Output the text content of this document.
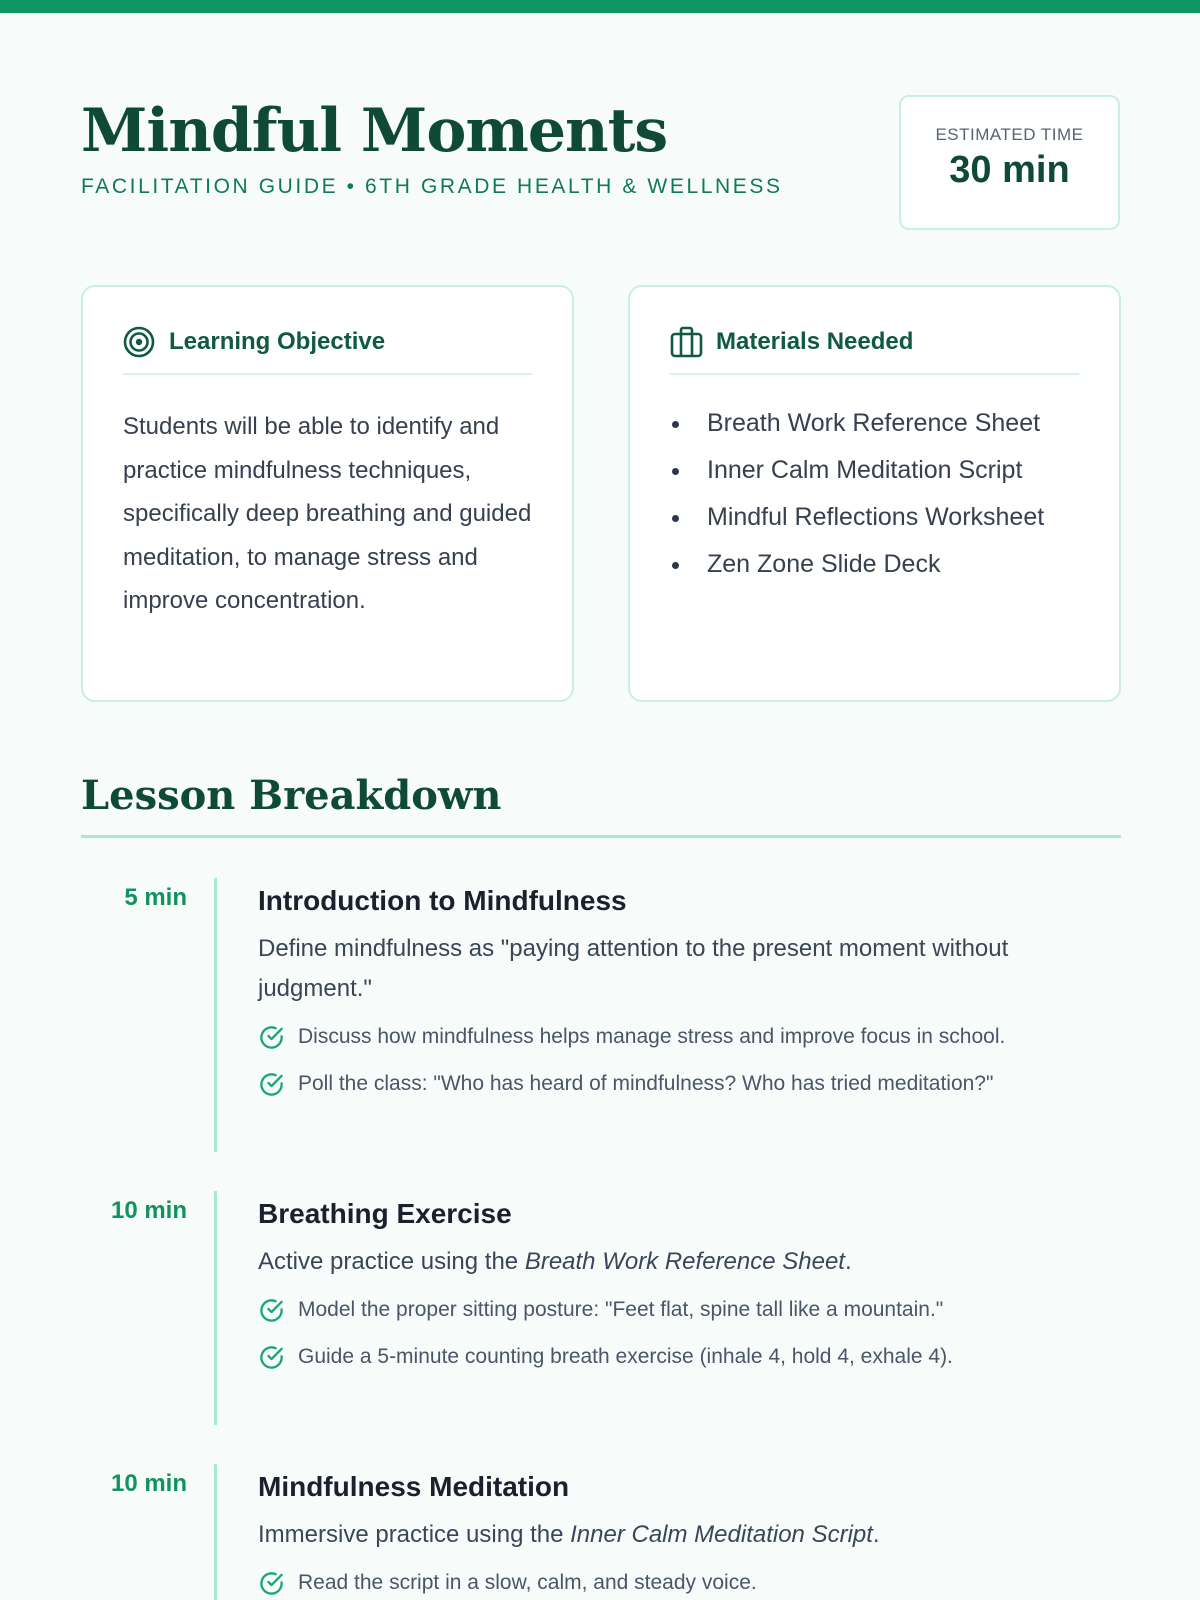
Mindful Moments
FACILITATION GUIDE • 6TH GRADE HEALTH & WELLNESS
ESTIMATED TIME
30 min
Learning Objective

Students will be able to identify and practice mindfulness techniques, specifically deep breathing and guided meditation, to manage stress and improve concentration.

Materials Needed
Breath Work Reference Sheet
Inner Calm Meditation Script
Mindful Reflections Worksheet
Zen Zone Slide Deck
Lesson Breakdown
5 min	Introduction to Mindfulness
Define mindfulness as "paying attention to the present moment without judgment."
Discuss how mindfulness helps manage stress and improve focus in school.
Poll the class: "Who has heard of mindfulness? Who has tried meditation?"
10 min	Breathing Exercise
Active practice using the Breath Work Reference Sheet.
Model the proper sitting posture: "Feet flat, spine tall like a mountain."
Guide a 5-minute counting breath exercise (inhale 4, hold 4, exhale 4).
10 min	Mindfulness Meditation
Immersive practice using the Inner Calm Meditation Script.
Read the script in a slow, calm, and steady voice.
